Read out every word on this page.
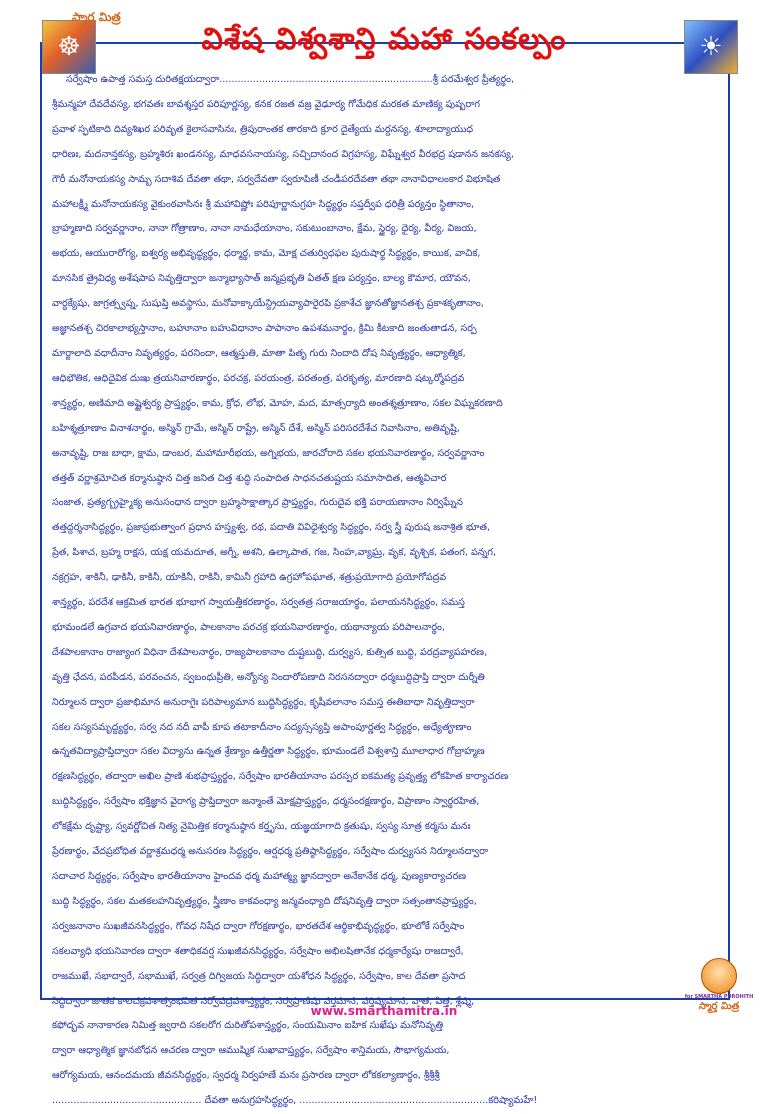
☸
స్మార్త మిత్ర
విశేష విశ్వశాన్తి మహా సంకల్పం	☀
సర్వేషాం ఉపాత్త సమస్త దురితక్షయద్వారా......................................................................శ్రీ పరమేశ్వర ప్రీత్యర్థం,
శ్రీమన్మహా దేవదేవస్య, భగవతః బావశ్శస్తర పరిపూర్ణస్య, కనక రజత వజ్ర వైఢూర్య గోమేధిక మరకత మాణిక్య పుష్పరాగ
ప్రవాళ స్ఫటికాది దివ్యశిఖర పరివృత కైలాసవాసినః, త్రిపురాంతక తారకాది క్రూర దైత్యేయ మర్దనస్య, శూలాద్యాయుధ
ధారిణః, మదనాన్తకస్య, బ్రహ్మశిరః ఖండనస్య, మాధవసనాయస్య, సచ్చిదానంద విగ్రహస్య, విఘ్నేశ్వర వీరభద్ర షడానన జనకస్య,
గౌరీ మనోనాయకస్య సామ్బ సదాశివ దేవతా తథా, సర్వదేవతా స్వరూపిణీ చండీపరదేవతా తథా నానావిధాలంకార విభూషిత
మహాలక్ష్మీ మనోనాయకస్య వైకుంఠవాసినః శ్రీ మహావిష్ణోః పరిపూర్ణానుగ్రహ సిద్ధ్యర్థం సప్తద్వీప ధరిత్రీ పర్యన్తం స్థితానాం,
బ్రాహ్మణాది సర్వవర్ణానాం, నానా గోత్రాణాం, నానా నామధేయానాం, సకుటుంబానాం, క్షేమ, స్థైర్య, ధైర్య, వీర్య, విజయ,
అభయ, ఆయురారోగ్య, ఐశ్వర్య అభివృద్ధ్యర్థం, ధర్మార్థ, కామ, మోక్ష చతుర్విధఫల పురుషార్థ సిద్ధ్యర్థం, కాయిక, వాచిక,
మానసిక త్రైవిధ్య అశేషపాప నివృత్తిద్వారా జన్మాభ్యాసాత్ జన్మప్రభృతి ఏతత్ క్షణ పర్యన్తం, బాల్య కౌమార, యౌవన,
వార్ధక్యేషు, జాగ్రత్స్వప్న, సుషుప్తి అవస్థాసు, మనోవాక్కాయేన్ద్రియవ్యాపారైరపి ప్రకాశేచ జ్ఞానతోజ్ఞానతశ్చ ప్రకాశకృతానాం,
అజ్ఞానతశ్చ చిరకాలాభ్యస్తానాం, బహూనాం బహువిధానాం పాపానాం ఉపశమనార్థం, క్రిమి కీటకాది జంతుతాడన, సర్ప
మార్జాలాది వధాదీనాం నివృత్యర్థం, పరనిందా, ఆత్మస్తుతి, మాతా పితృ గురు నిందాది దోష నివృత్త్యర్థం, ఆధ్యాత్మిక,
ఆధిభౌతిక, ఆధిదైవిక దుఃఖ త్రయనివారణార్థం, పరచక్ర, పరయంత్ర, పరతంత్ర, పరకృత్య, మారణాది షట్కర్మోపద్రవ
శాన్త్యర్థం, అణిమాది అష్టైశ్వర్య ప్రాప్త్యర్థం, కామ, క్రోధ, లోభ, మోహ, మద, మాత్సర్యాది అంతశ్శత్రూణాం, సకల విఘ్నకరణాది
బహిశ్శత్రూణాం వినాశనార్థం, అస్మిన్ గ్రామే, అస్మిన్ రాష్ట్రే, అస్మిన్ దేశే, అస్మిన్ పరిసరదేశేచ నివాసినాం, అతివృష్టి,
అనావృష్టి, రాజ బాధా, క్షామ, డాంబర, మహామారీభయ, అగ్నిభయ, జారచోరాది సకల భయనివారణార్థం, సర్వవర్ణానాం
తత్తత్ వర్ణాశ్రమోచిత కర్మానుష్ఠాన చిత్త జనిత చిత్త శుద్ధి సంపాదిత సాధనచతుష్టయ సమాసాదిత, ఆత్మవిచార
సంజాత, ప్రత్యగ్బ్రహ్మైక్య అనుసంధాన ద్వారా బ్రహ్మసాక్షాత్కార ప్రాప్త్యర్థం, గురుదైవ భక్తి పరాయణానాం నిర్విఘ్నేన
తత్తద్దర్శనాసిద్ధ్యర్థం, ప్రజాప్రభుత్వాంగ ప్రధాన హస్త్యశ్వ, రథ, పదాతి వివిధైశ్వర్య సిద్ధ్యర్థం, సర్వ స్త్రీ పురుష జనాశ్రిత భూత,
ప్రేత, పిశాచ, బ్రహ్మ రాక్షస, యక్ష యమదూత, అగ్నీ, అశని, ఉల్కాపాత, గజ, సింహ,వ్యాఘ్ర, వృక, వృశ్చిక, పతంగ, పన్నగ,
నక్రగ్రహ, శాకినీ, ఢాకినీ, కాకినీ, యాకినీ, రాకినీ, కామినీ గ్రహాది ఉగ్రహోపఘాత, శత్రుప్రయోగాది ప్రయోగోపద్రవ
శాన్త్యర్థం, పరదేశ ఆక్రమిత భారత భూభాగ స్వాయత్తీకరణార్థం, సర్వతత్ర సరాజయార్థం, పలాయనసిద్ధ్యర్థం, సమస్త
భూమండలే ఉగ్రవాద భయనివారణార్థం, పాలకానాం పరచక్ర భయనివారణార్థం, యథాన్యాయ పరిపాలనార్థం,
దేశపాలకానాం రాజ్యాంగ విధినా దేశపాలనార్థం, రాజ్యపాలకానాం దుష్టబుద్ధి, దుర్వ్యస, కుత్సిత బుద్ధి, పరద్రవ్యాపహరణ,
వృత్తి ఛేదన, పరపీడన, పరవంచన, స్వబంధుప్రీతి, అన్యోన్య నిందారోపణాది నిరసనద్వారా ధర్మబుద్ధిప్రాప్తి ద్వారా దుర్నీతి
నిర్మూలన ద్వారా ప్రజాభిమాన అనురాగైః పరిపాల్యమాన బుద్ధిసిద్ధ్యర్థం, కృషీవలానాం సమస్త ఈతిబాధా నివృత్తిద్వారా
సకల సస్యసమృద్ధ్యర్థం, సర్వ నద నదీ వాపీ కూప తటాకాదీనాం సద్యస్సస్యప్తి అపాంపూర్ణత్వ సిద్ధ్యర్థం, అధ్యేతౄణాం
ఉన్నతవిద్యాప్రాప్తిద్వారా సకల విద్యాను ఉన్నత శ్రేణ్యాం ఉత్తీర్ణతా సిద్ధ్యర్థం, భూమండలే విశ్వశాన్తి మూలాధార గోబ్రాహ్మణ
రక్షణసిద్ధ్యర్థం, తద్వారా అఖిల ప్రాణి శుభప్రాప్త్యర్థం, సర్వేషాం భారతీయానాం పరస్పర ఐకమత్య ప్రవృత్త్య లోకహిత కార్యాచరణ
బుద్ధిసిద్ధ్యర్థం, సర్వేషాం భక్తిజ్ఞాన వైరాగ్య ప్రాప్తిద్వారా జన్మాంతే మోక్షప్రాప్త్యర్థం, ధర్మసంరక్షణార్థం, విప్రాణాం స్వార్థరహిత,
లోకక్షేమ దృష్ట్యా, స్వవర్ణోచిత నిత్య నైమిత్తిక కర్మానుష్ఠాన కర్తృసు, యజ్ఞయాగాది క్రతుషు, స్వస్య సూత్ర కర్మసు మనః
ప్రేరణార్థం, వేదప్రబోధిత వర్ణాశ్రమధర్మ అనుసరణ సిద్ధ్యర్థం, ఆర్షధర్మ ప్రతిష్ఠాసిద్ధ్యర్థం, సర్వేషాం దుర్వ్యసన నిర్మూలనద్వారా
సదాచార సిద్ధ్యర్థం, సర్వేషాం భారతీయానాం హైందవ ధర్మ మహాత్మ్య జ్ఞానద్వారా అనేకానేక ధర్మ, పుణ్యకార్యాచరణ
బుద్ధి సిద్ధ్యర్థం, సకల మతకలహనివృత్త్యర్థం, స్త్రీణాం కాకవంధ్యా జన్మవంధ్యాది దోషనివృత్తి ద్వారా సత్సంతానప్రాప్త్యర్థం,
సర్వజనానాం సుఖజీవనసిద్ధ్యర్థం, గోవధ నిషేధ ద్వారా గోరక్షణార్థం, భారతదేశ ఆర్థికాభివృద్ధ్యర్థం, భూలోకే సర్వేషాం
సకలవ్యాధి భయనివారణ ద్వారా శతాధికవర్ష సుఖజీవనసిద్ధ్యర్థం, సర్వేషాం అభిలషితానేక ధర్మకార్యేషు రాజద్వారే,
రాజముఖే, సభాద్వారే, సభాముఖే, సర్వత్ర దిగ్విజయ సిద్ధిద్వారా యశోధన సిద్ధ్యర్థం, సర్వేషాం, కాల దేవతా ప్రసాద
సిద్ధిద్వారా జాతక కాలచక్రవశాత్సంభవిత సర్వోపద్రవశాన్త్యర్థం, సర్వప్రాణిషు వర్తమాన, వర్తిష్యమాన, వాత, పిత్త, శ్లేష్మ,
కఫోద్భవ నానాకారణ నిమిత్త జ్వరాది సకలరోగ దురితోపశాన్త్యర్థం, సంయమినాం ఐహిక సుఖేషు మనోనివృత్తి
ద్వారా ఆధ్యాత్మిక జ్ఞానబోధన ఆచరణ ద్వారా ఆముష్మిక సుఖావాప్త్యర్థం, సర్వేషాం శాన్తిమయ, సౌభాగ్యమయ,
ఆరోగ్యమయ, ఆనందమయ జీవనసిద్ధ్యర్థం, స్వధర్మ నిర్వహణే మనః ప్రసారణ ద్వారా లోకకల్యాణార్థం, శ్రీశ్రీశ్రీ
................................................. దేవతా అనుగ్రహసిద్ధ్యర్థం, ..............................................................కరిష్యామహే!
www.smarthamitra.in
for SMARTHA PUROHITH
స్మార్త మిత్ర
